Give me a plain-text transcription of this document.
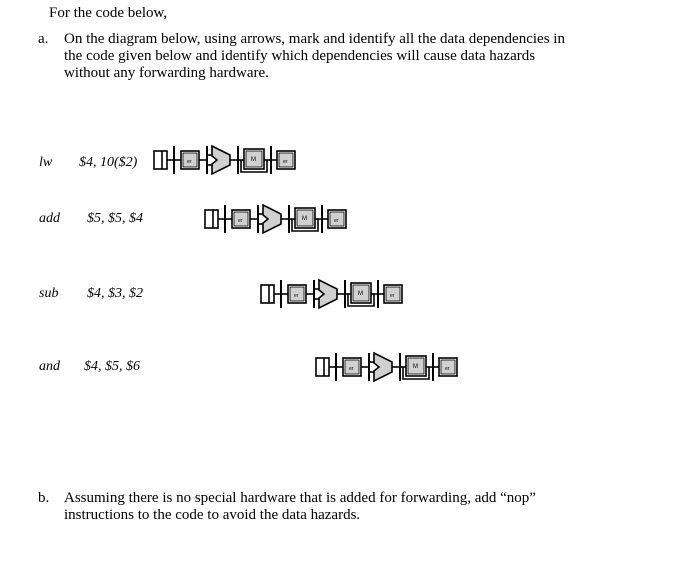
For the code below,
a. On the diagram below, using arrows, mark and identify all the data dependencies in
the code given below and identify which dependencies will cause data hazards
without any forwarding hardware.
lw $4, 10($2)
add $5, $5, $4
sub $4, $3, $2
and $4, $5, $6
er	M	er
er	M	er
er	M	er
er	M	er
b. Assuming there is no special hardware that is added for forwarding, add “nop”
instructions to the code to avoid the data hazards.
